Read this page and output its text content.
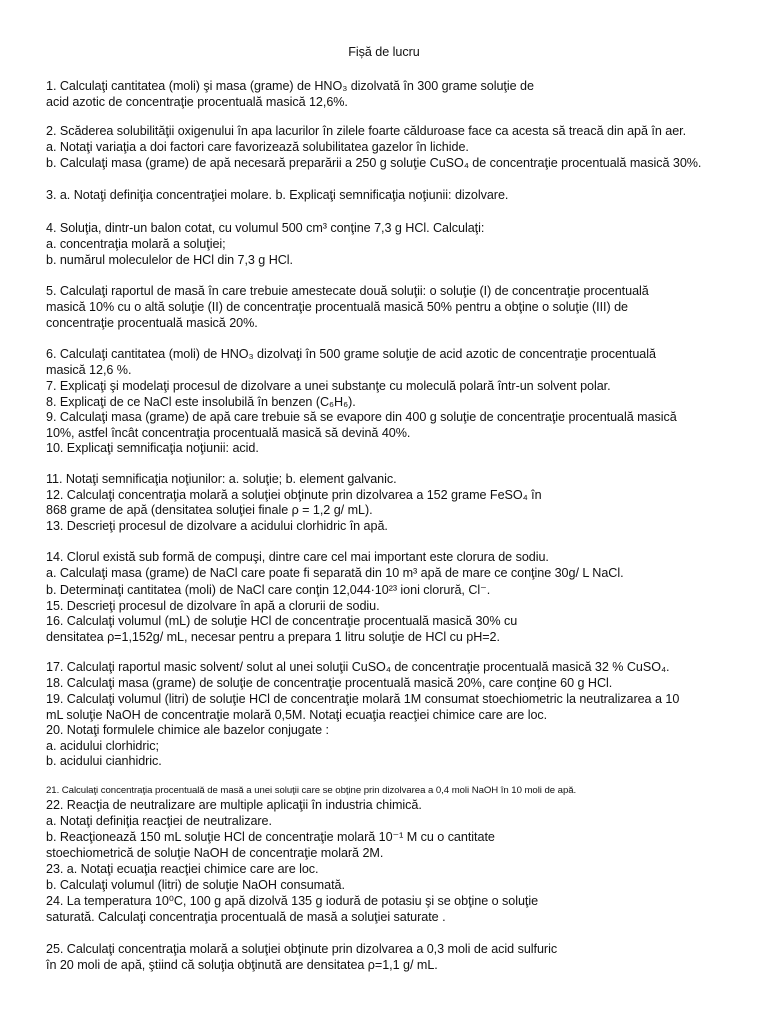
Fișă de lucru
1. Calculaţi cantitatea (moli) şi masa (grame) de HNO₃ dizolvată în 300 grame soluţie de
acid azotic de concentraţie procentuală masică 12,6%.
2. Scăderea solubilităţii oxigenului în apa lacurilor în zilele foarte călduroase face ca acesta să treacă din apă în aer.
a. Notaţi variaţia a doi factori care favorizează solubilitatea gazelor în lichide.
b. Calculaţi masa (grame) de apă necesară preparării a 250 g soluţie CuSO₄ de concentraţie procentuală masică 30%.
3. a. Notaţi definiţia concentraţiei molare. b. Explicaţi semnificaţia noţiunii: dizolvare.
4. Soluţia, dintr-un balon cotat, cu volumul 500 cm³ conţine 7,3 g HCl. Calculaţi:
a. concentraţia molară a soluţiei;
b. numărul moleculelor de HCl din 7,3 g HCl.
5. Calculaţi raportul de masă în care trebuie amestecate două soluţii: o soluţie (I) de concentraţie procentuală
masică 10% cu o altă soluţie (II) de concentraţie procentuală masică 50% pentru a obţine o soluţie (III) de
concentraţie procentuală masică 20%.
6. Calculaţi cantitatea (moli) de HNO₃ dizolvaţi în 500 grame soluţie de acid azotic de concentraţie procentuală
masică 12,6 %.
7. Explicaţi şi modelaţi procesul de dizolvare a unei substanţe cu moleculă polară într-un solvent polar.
8. Explicaţi de ce NaCl este insolubilă în benzen (C₆H₆).
9. Calculaţi masa (grame) de apă care trebuie să se evapore din 400 g soluţie de concentraţie procentuală masică
10%, astfel încât concentraţia procentuală masică să devină 40%.
10. Explicaţi semnificaţia noţiunii: acid.
11. Notaţi semnificaţia noţiunilor: a. soluţie; b. element galvanic.
12. Calculaţi concentraţia molară a soluţiei obţinute prin dizolvarea a 152 grame FeSO₄ în
868 grame de apă (densitatea soluţiei finale ρ = 1,2 g/ mL).
13. Descrieţi procesul de dizolvare a acidului clorhidric în apă.
14. Clorul există sub formă de compuşi, dintre care cel mai important este clorura de sodiu.
a. Calculaţi masa (grame) de NaCl care poate fi separată din 10 m³ apă de mare ce conţine 30g/ L NaCl.
b. Determinaţi cantitatea (moli) de NaCl care conţin 12,044·10²³ ioni clorură, Cl⁻.
15. Descrieţi procesul de dizolvare în apă a clorurii de sodiu.
16. Calculaţi volumul (mL) de soluţie HCl de concentraţie procentuală masică 30% cu
densitatea ρ=1,152g/ mL, necesar pentru a prepara 1 litru soluţie de HCl cu pH=2.
17. Calculaţi raportul masic solvent/ solut al unei soluţii CuSO₄ de concentraţie procentuală masică 32 % CuSO₄.
18. Calculaţi masa (grame) de soluţie de concentraţie procentuală masică 20%, care conţine 60 g HCl.
19. Calculaţi volumul (litri) de soluţie HCl de concentraţie molară 1M consumat stoechiometric la neutralizarea a 10
mL soluţie NaOH de concentraţie molară 0,5M. Notaţi ecuaţia reacţiei chimice care are loc.
20. Notaţi formulele chimice ale bazelor conjugate :
a. acidului clorhidric;
b. acidului cianhidric.
21. Calculaţi concentraţia procentuală de masă a unei soluţii care se obţine prin dizolvarea a 0,4 moli NaOH în 10 moli de apă.
22. Reacţia de neutralizare are multiple aplicaţii în industria chimică.
a. Notaţi definiţia reacţiei de neutralizare.
b. Reacţionează 150 mL soluţie HCl de concentraţie molară 10⁻¹ M cu o cantitate
stoechiometrică de soluţie NaOH de concentraţie molară 2M.
23. a. Notaţi ecuaţia reacţiei chimice care are loc.
b. Calculaţi volumul (litri) de soluţie NaOH consumată.
24. La temperatura 10⁰C, 100 g apă dizolvă 135 g iodură de potasiu şi se obţine o soluţie
saturată. Calculaţi concentraţia procentuală de masă a soluţiei saturate .
25. Calculaţi concentraţia molară a soluţiei obţinute prin dizolvarea a 0,3 moli de acid sulfuric
în 20 moli de apă, ştiind că soluţia obţinută are densitatea ρ=1,1 g/ mL.
